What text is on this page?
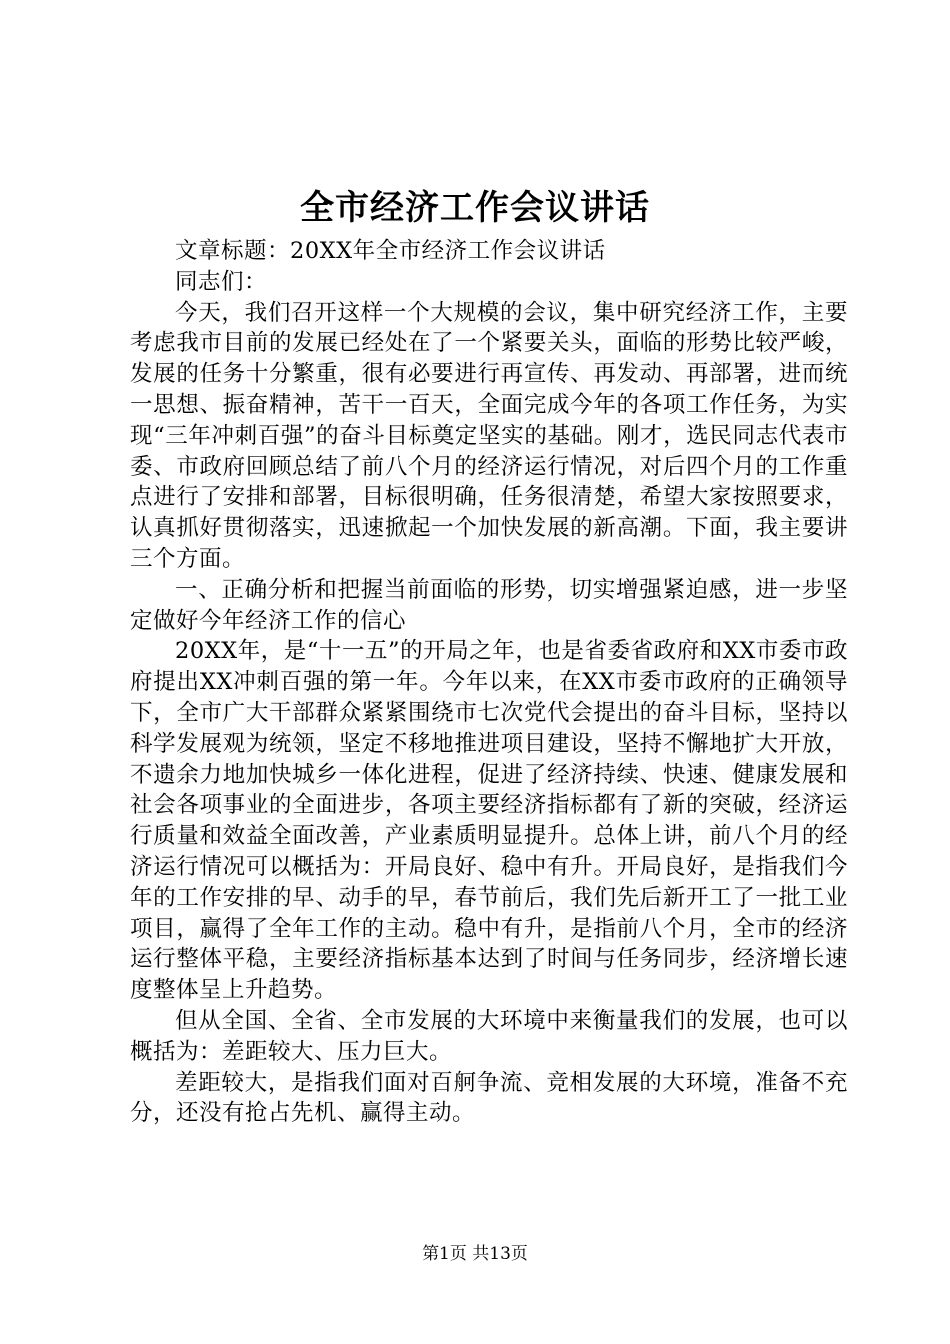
全市经济工作会议讲话

文章标题：20XX年全市经济工作会议讲话

同志们：

今天，我们召开这样一个大规模的会议，集中研究经济工作，主要考虑我市目前的发展已经处在了一个紧要关头，面临的形势比较严峻，发展的任务十分繁重，很有必要进行再宣传、再发动、再部署，进而统一思想、振奋精神，苦干一百天，全面完成今年的各项工作任务，为实现“三年冲刺百强”的奋斗目标奠定坚实的基础。刚才，选民同志代表市委、市政府回顾总结了前八个月的经济运行情况，对后四个月的工作重点进行了安排和部署，目标很明确，任务很清楚，希望大家按照要求，认真抓好贯彻落实，迅速掀起一个加快发展的新高潮。下面，我主要讲三个方面。

一、正确分析和把握当前面临的形势，切实增强紧迫感，进一步坚定做好今年经济工作的信心

20XX年，是“十一五”的开局之年，也是省委省政府和XX市委市政府提出XX冲刺百强的第一年。今年以来，在XX市委市政府的正确领导下，全市广大干部群众紧紧围绕市七次党代会提出的奋斗目标，坚持以科学发展观为统领，坚定不移地推进项目建设，坚持不懈地扩大开放，不遗余力地加快城乡一体化进程，促进了经济持续、快速、健康发展和社会各项事业的全面进步，各项主要经济指标都有了新的突破，经济运行质量和效益全面改善，产业素质明显提升。总体上讲，前八个月的经济运行情况可以概括为：开局良好、稳中有升。开局良好，是指我们今年的工作安排的早、动手的早，春节前后，我们先后新开工了一批工业项目，赢得了全年工作的主动。稳中有升，是指前八个月，全市的经济运行整体平稳，主要经济指标基本达到了时间与任务同步，经济增长速度整体呈上升趋势。

但从全国、全省、全市发展的大环境中来衡量我们的发展，也可以概括为：差距较大、压力巨大。

差距较大，是指我们面对百舸争流、竞相发展的大环境，准备不充分，还没有抢占先机、赢得主动。

第1页 共13页
